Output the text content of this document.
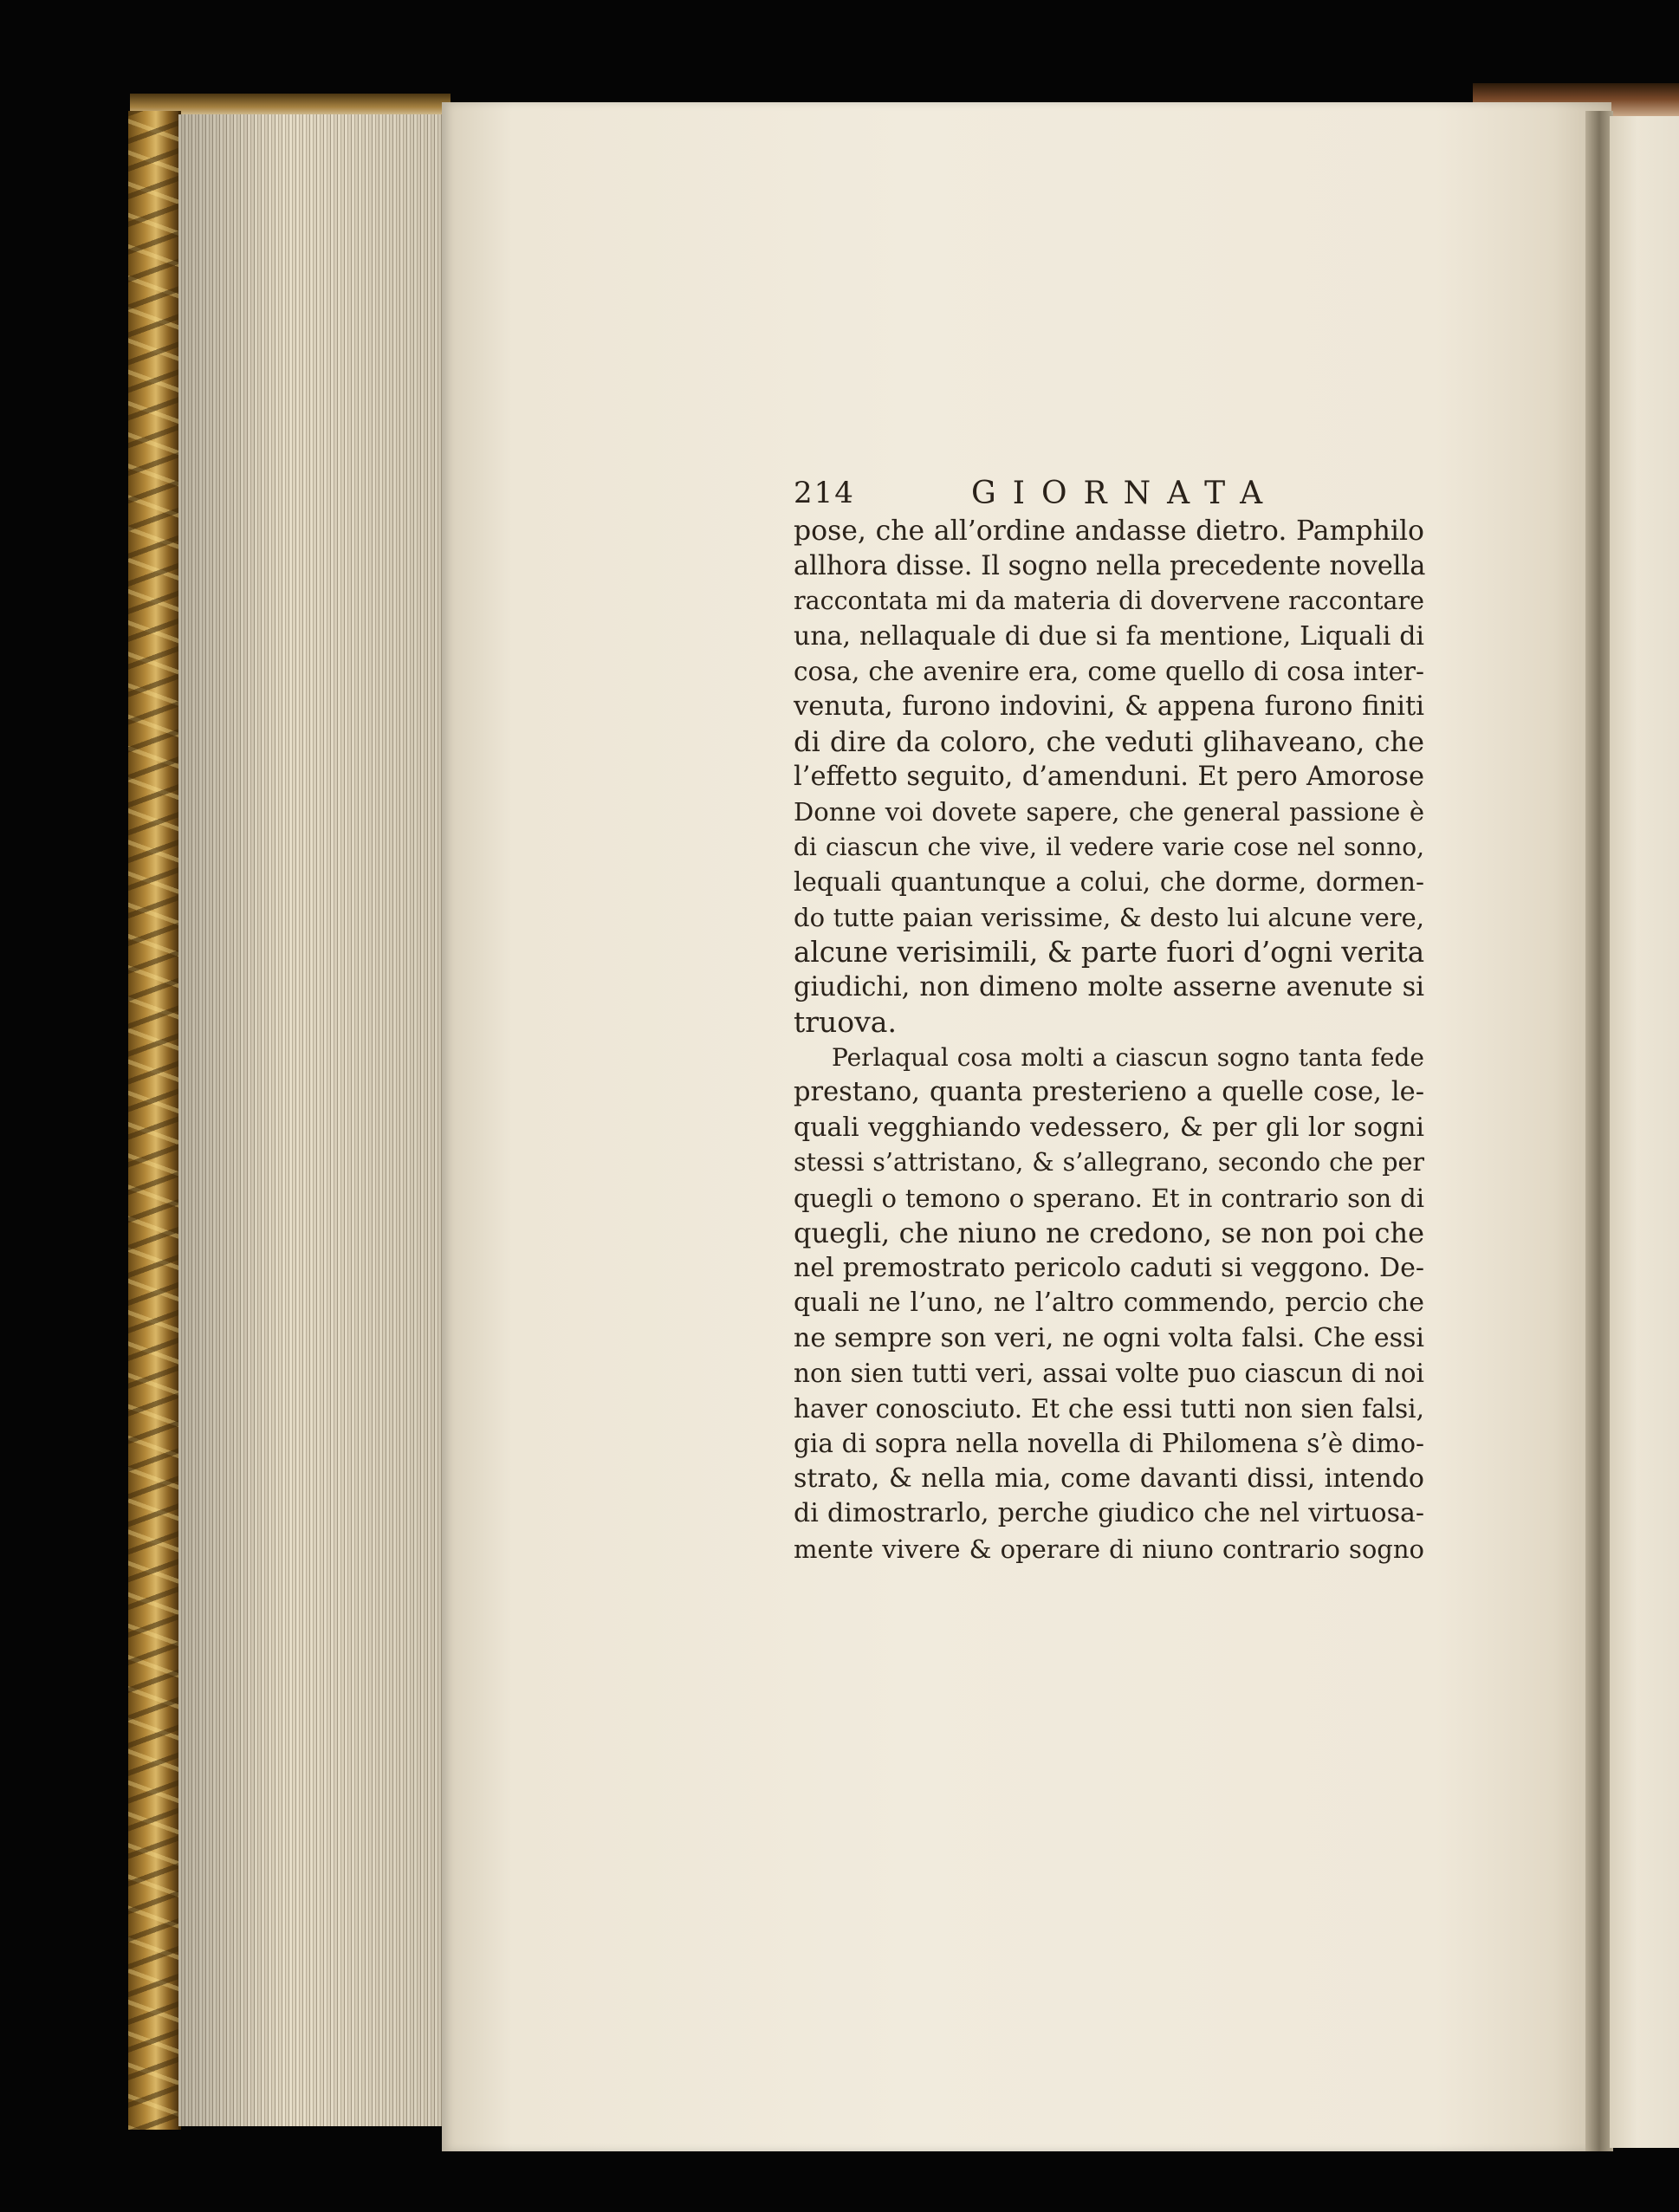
214	GIORNATA
pose, che all’ordine andasse dietro. Pamphilo
allhora disse. Il sogno nella precedente novella
raccontata mi da materia di dovervene raccontare
una, nellaquale di due si fa mentione, Liquali di
cosa, che avenire era, come quello di cosa inter-
venuta, furono indovini, & appena furono finiti
di dire da coloro, che veduti glihaveano, che
l’effetto seguito, d’amenduni. Et pero Amorose
Donne voi dovete sapere, che general passione è
di ciascun che vive, il vedere varie cose nel sonno,
lequali quantunque a colui, che dorme, dormen-
do tutte paian verissime, & desto lui alcune vere,
alcune verisimili, & parte fuori d’ogni verita
giudichi, non dimeno molte asserne avenute si
truova.
Perlaqual cosa molti a ciascun sogno tanta fede
prestano, quanta presterieno a quelle cose, le-
quali vegghiando vedessero, & per gli lor sogni
stessi s’attristano, & s’allegrano, secondo che per
quegli o temono o sperano. Et in contrario son di
quegli, che niuno ne credono, se non poi che
nel premostrato pericolo caduti si veggono. De-
quali ne l’uno, ne l’altro commendo, percio che
ne sempre son veri, ne ogni volta falsi. Che essi
non sien tutti veri, assai volte puo ciascun di noi
haver conosciuto. Et che essi tutti non sien falsi,
gia di sopra nella novella di Philomena s’è dimo-
strato, & nella mia, come davanti dissi, intendo
di dimostrarlo, perche giudico che nel virtuosa-
mente vivere & operare di niuno contrario sogno
